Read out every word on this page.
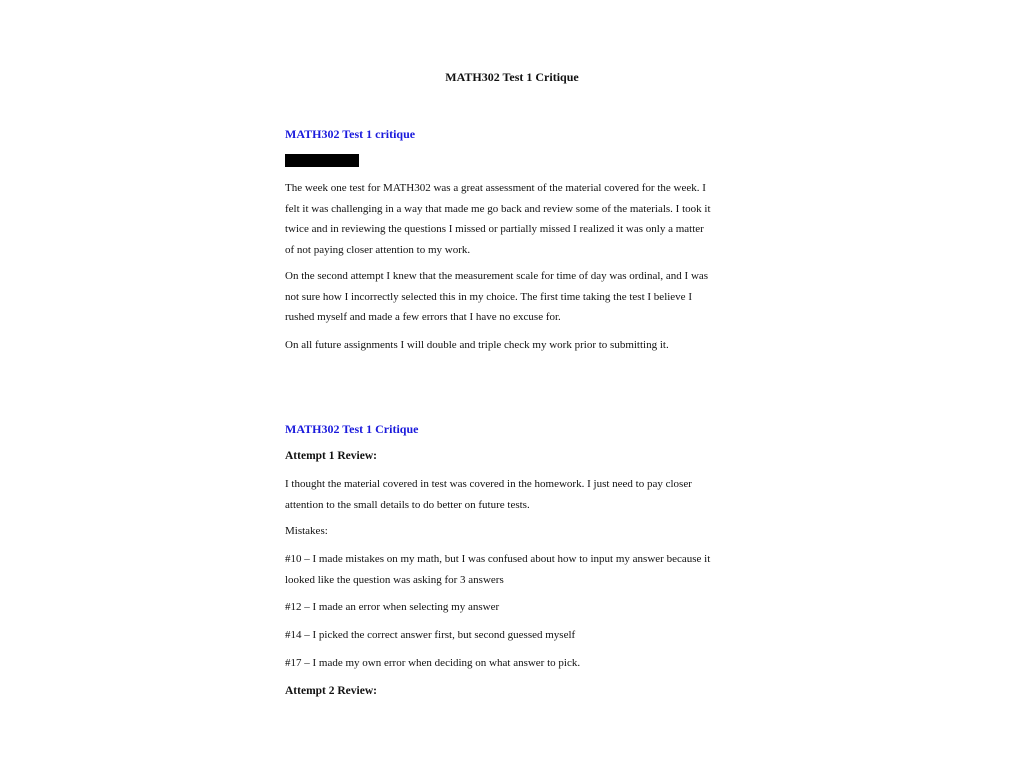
MATH302 Test 1 Critique
MATH302 Test 1 critique
The week one test for MATH302 was a great assessment of the material covered for the week. I
felt it was challenging in a way that made me go back and review some of the materials. I took it
twice and in reviewing the questions I missed or partially missed I realized it was only a matter
of not paying closer attention to my work.
On the second attempt I knew that the measurement scale for time of day was ordinal, and I was
not sure how I incorrectly selected this in my choice. The first time taking the test I believe I
rushed myself and made a few errors that I have no excuse for.
On all future assignments I will double and triple check my work prior to submitting it.
MATH302 Test 1 Critique
Attempt 1 Review:
I thought the material covered in test was covered in the homework. I just need to pay closer
attention to the small details to do better on future tests.
Mistakes:
#10 – I made mistakes on my math, but I was confused about how to input my answer because it
looked like the question was asking for 3 answers
#12 – I made an error when selecting my answer
#14 – I picked the correct answer first, but second guessed myself
#17 – I made my own error when deciding on what answer to pick.
Attempt 2 Review:
